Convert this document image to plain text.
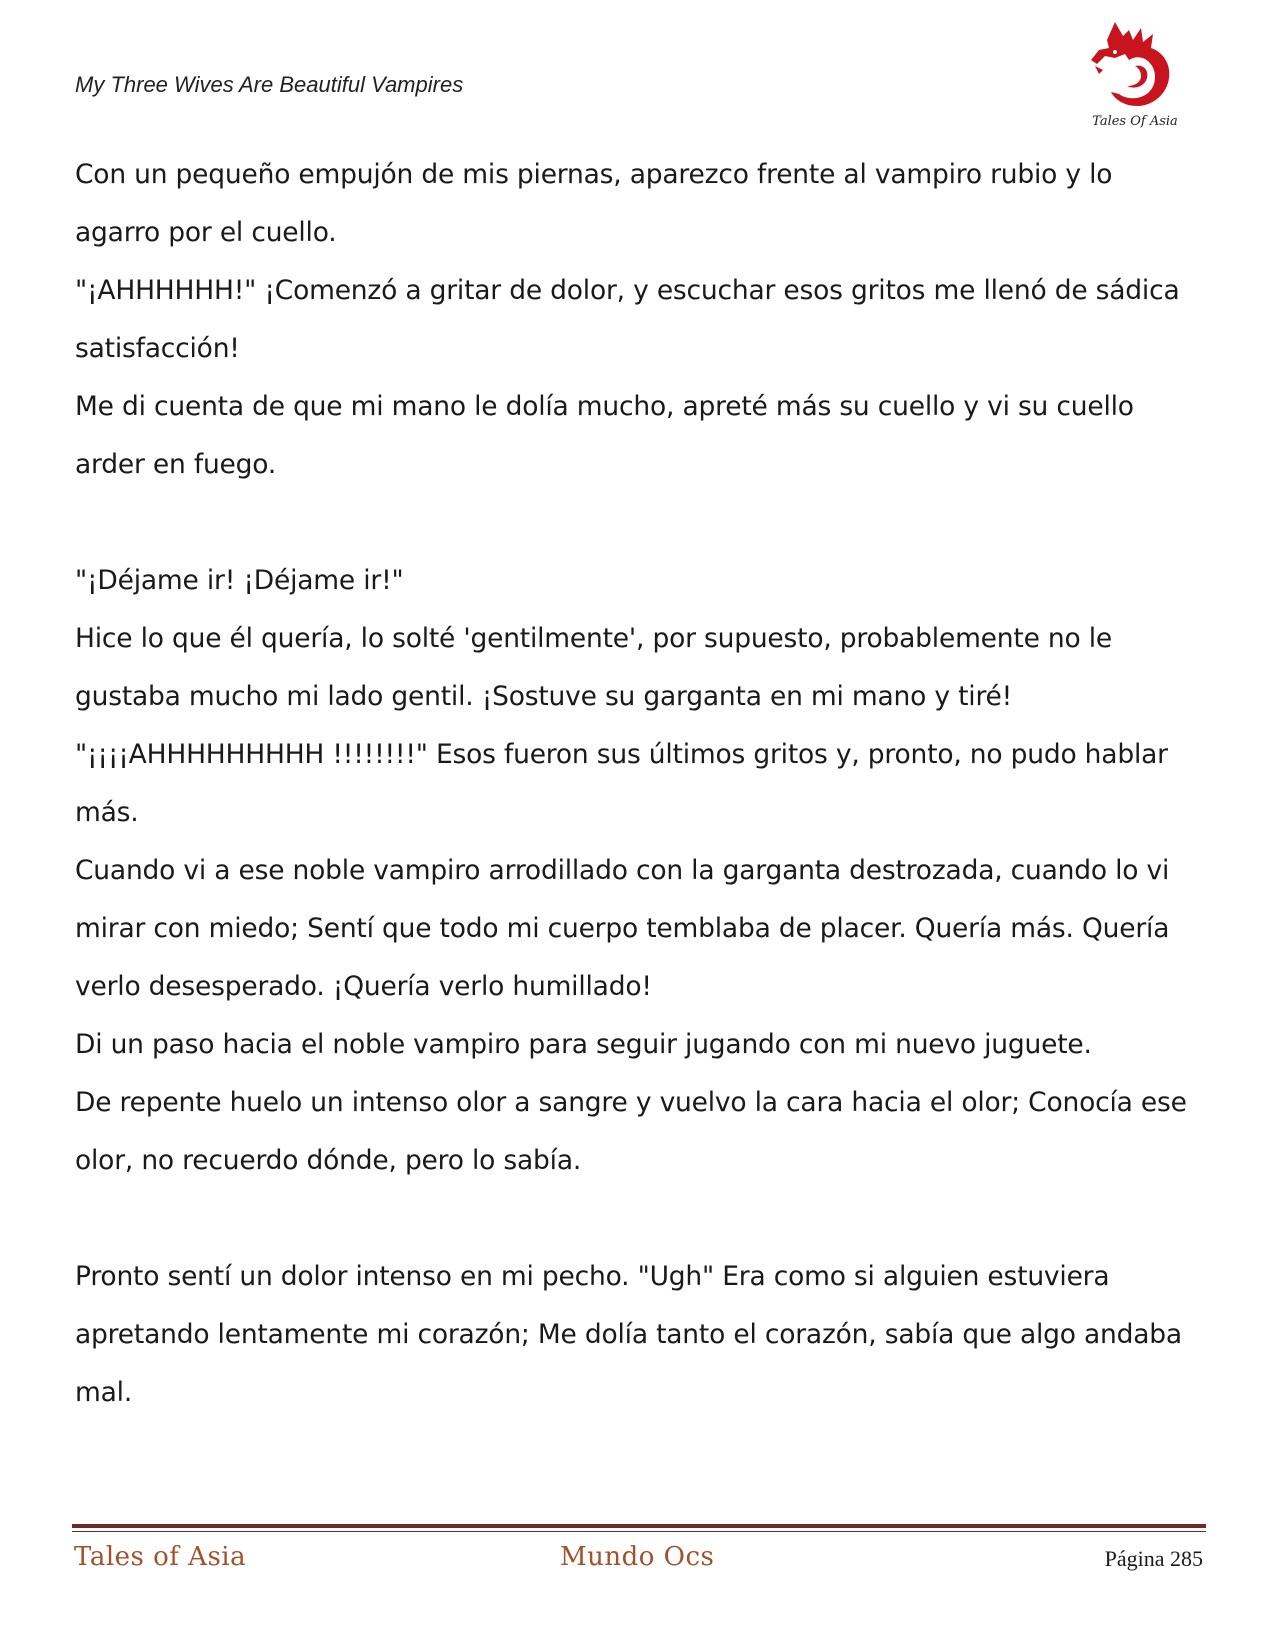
My Three Wives Are Beautiful Vampires
Tales Of Asia

Con un pequeño empujón de mis piernas, aparezco frente al vampiro rubio y lo agarro por el cuello.

"¡AHHHHHH!" ¡Comenzó a gritar de dolor, y escuchar esos gritos me llenó de sádica satisfacción!

Me di cuenta de que mi mano le dolía mucho, apreté más su cuello y vi su cuello arder en fuego.

"¡Déjame ir! ¡Déjame ir!"

Hice lo que él quería, lo solté 'gentilmente', por supuesto, probablemente no le gustaba mucho mi lado gentil. ¡Sostuve su garganta en mi mano y tiré!

"¡¡¡¡AHHHHHHHHH !!!!!!!!" Esos fueron sus últimos gritos y, pronto, no pudo hablar más.

Cuando vi a ese noble vampiro arrodillado con la garganta destrozada, cuando lo vi mirar con miedo; Sentí que todo mi cuerpo temblaba de placer. Quería más. Quería verlo desesperado. ¡Quería verlo humillado!

Di un paso hacia el noble vampiro para seguir jugando con mi nuevo juguete.

De repente huelo un intenso olor a sangre y vuelvo la cara hacia el olor; Conocía ese olor, no recuerdo dónde, pero lo sabía.

Pronto sentí un dolor intenso en mi pecho. "Ugh" Era como si alguien estuviera apretando lentamente mi corazón; Me dolía tanto el corazón, sabía que algo andaba mal.

Tales of Asia	Mundo Ocs	Página 285
